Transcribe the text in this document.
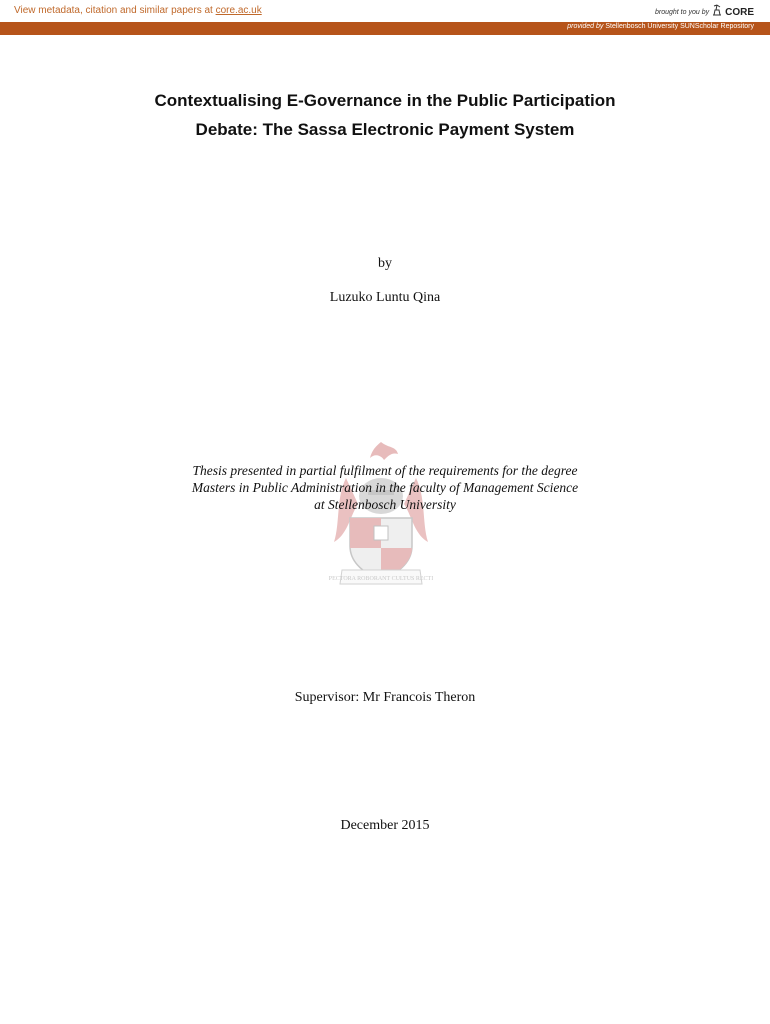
View metadata, citation and similar papers at core.ac.uk	brought to you by CORE
provided by Stellenbosch University SUNScholar Repository
Contextualising E-Governance in the Public Participation
Debate: The Sassa Electronic Payment System
by
Luzuko Luntu Qina
PECTORA ROBORANT CULTUS RECTI
Thesis presented in partial fulfilment of the requirements for the degree
Masters in Public Administration in the faculty of Management Science
at Stellenbosch University
Supervisor: Mr Francois Theron
December 2015
